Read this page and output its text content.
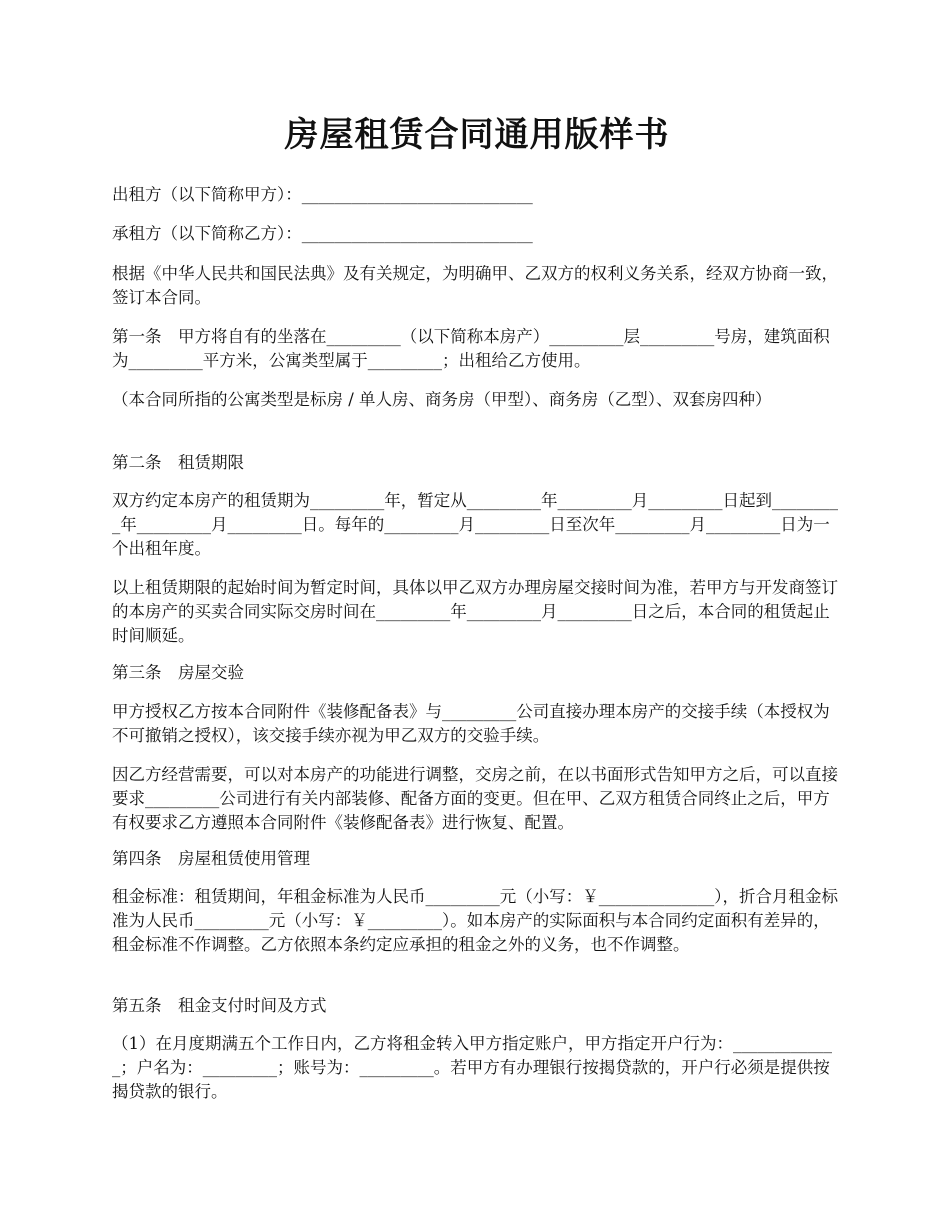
房屋租赁合同通用版样书

出租方（以下简称甲方）：____________________________

承租方（以下简称乙方）：____________________________

根据《中华人民共和国民法典》及有关规定，为明确甲、乙双方的权利义务关系，经双方协商一致，签订本合同。

第一条　甲方将自有的坐落在_________（以下简称本房产）_________层_________号房，建筑面积为_________平方米，公寓类型属于_________；出租给乙方使用。

（本合同所指的公寓类型是标房 / 单人房、商务房（甲型）、商务房（乙型）、双套房四种）

第二条　租赁期限

双方约定本房产的租赁期为_________年，暂定从_________年_________月_________日起到_________年_________月_________日。每年的_________月_________日至次年_________月_________日为一个出租年度。

以上租赁期限的起始时间为暂定时间，具体以甲乙双方办理房屋交接时间为准，若甲方与开发商签订的本房产的买卖合同实际交房时间在_________年_________月_________日之后，本合同的租赁起止时间顺延。

第三条　房屋交验

甲方授权乙方按本合同附件《装修配备表》与_________公司直接办理本房产的交接手续（本授权为不可撤销之授权），该交接手续亦视为甲乙双方的交验手续。

因乙方经营需要，可以对本房产的功能进行调整，交房之前，在以书面形式告知甲方之后，可以直接要求_________公司进行有关内部装修、配备方面的变更。但在甲、乙双方租赁合同终止之后，甲方有权要求乙方遵照本合同附件《装修配备表》进行恢复、配置。

第四条　房屋租赁使用管理

租金标准：租赁期间，年租金标准为人民币_________元（小写：￥______________），折合月租金标准为人民币_________元（小写：￥_________）。如本房产的实际面积与本合同约定面积有差异的，租金标准不作调整。乙方依照本条约定应承担的租金之外的义务，也不作调整。

第五条　租金支付时间及方式

（1）在月度期满五个工作日内，乙方将租金转入甲方指定账户，甲方指定开户行为：_____________；户名为：_________；账号为：_________。若甲方有办理银行按揭贷款的，开户行必须是提供按揭贷款的银行。
